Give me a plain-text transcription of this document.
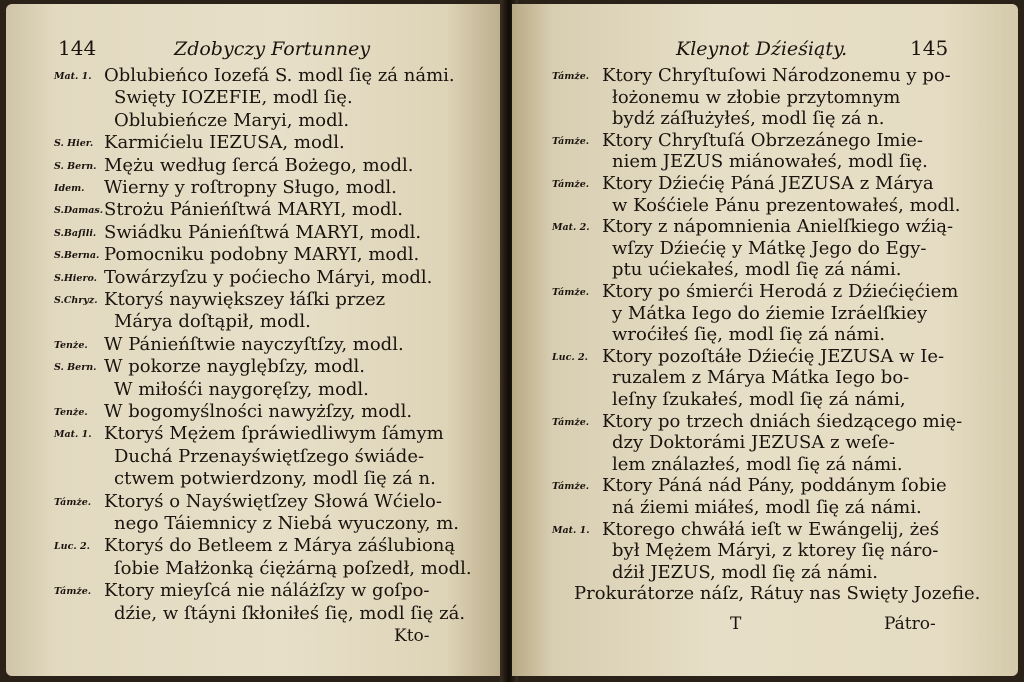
144	Zdobyczy Fortunney
Mat. 1. Oblubieńco Iozefá S. modl ſię zá námi.
Swięty IOZEFIE, modl ſię.
Oblubieńcze Maryi, modl.
S. Hier. Karmićielu IEZUSA, modl.
S. Bern. Mężu według ſercá Bożego, modl.
Idem. Wierny y roſtropny Sługo, modl.
S.Damas. Strożu Pánieńſtwá MARYI, modl.
S.Baſili. Swiádku Pánieńſtwá MARYI, modl.
S.Berna. Pomocniku podobny MARYI, modl.
S.Hiero. Towárzyſzu y pоćiecho Máryi, modl.
S.Chryz. Ktoryś naywiększey łáſki przez
Márya doſtąpił, modl.
Tenże. W Pánieńſtwie nayczyſtſzy, modl.
S. Bern. W pokorze nayglębſzy, modl.
W miłośći naygoręſzy, modl.
Tenże. W bogomyślności nawyżſzy, modl.
Mat. 1. Ktoryś Mężem ſpráwiedliwym ſámym
Duchá Przenayświętſzego świáde-
ctwem potwierdzony, modl ſię zá n.
Támże. Ktoryś o Nayświętſzey Słowá Wćielo-
nego Táiemnicy z Niebá wyuczony, m.
Luc. 2. Ktoryś do Betleem z Márya záślubioną
ſobie Małżonką ćiężárną poſzedł, modl.
Támże. Ktory mieyſcá nie náláżſzy w goſpo-
dźie, w ſtáyni ſkłoniłeś ſię, modl ſię zá.
Kto-
Kleynot Dźieśiąty.	145
Támże. Ktory Chryſtuſowi Národzonemu y po-
łożonemu w złobie przytomnym
bydź záſłużyłeś, modl ſię zá n.
Támże. Ktory Chryſtuſá Obrzezánego Imie-
niem JEZUS miánowałeś, modl ſię.
Támże. Ktory Dźiećię Páná JEZUSA z Márya
w Kośćiele Pánu prezentowałeś, modl.
Mat. 2. Ktory z nápomnienia Anielſkiego wźią-
wſzy Dźiećię y Mátkę Jego do Egy-
ptu ućiekałeś, modl ſię zá námi.
Támże. Ktory po śmierći Herodá z Dźiećięćiem
y Mátka Iego do źiemie Izráelſkiey
wroćiłeś ſię, modl ſię zá námi.
Luc. 2. Ktory pozoſtáłe Dźiećię JEZUSA w Ie-
ruzalem z Márya Mátka Iego bo-
leſny ſzukałeś, modl ſię zá námi,
Támże. Ktory po trzech dniách śiedzącego mię-
dzy Doktorámi JEZUSA z weſe-
lem ználazłeś, modl ſię zá námi.
Támże. Ktory Páná nád Pány, poddánym ſobie
ná źiemi miáłeś, modl ſię zá námi.
Mat. 1. Ktorego chwáłá ieſt w Ewángelij, żeś
był Mężem Máryi, z ktorey ſię náro-
dźił JEZUS, modl ſię zá námi.
Prokurátorze náſz, Rátuy nas Swięty Jozefie.
T	Pátro-
